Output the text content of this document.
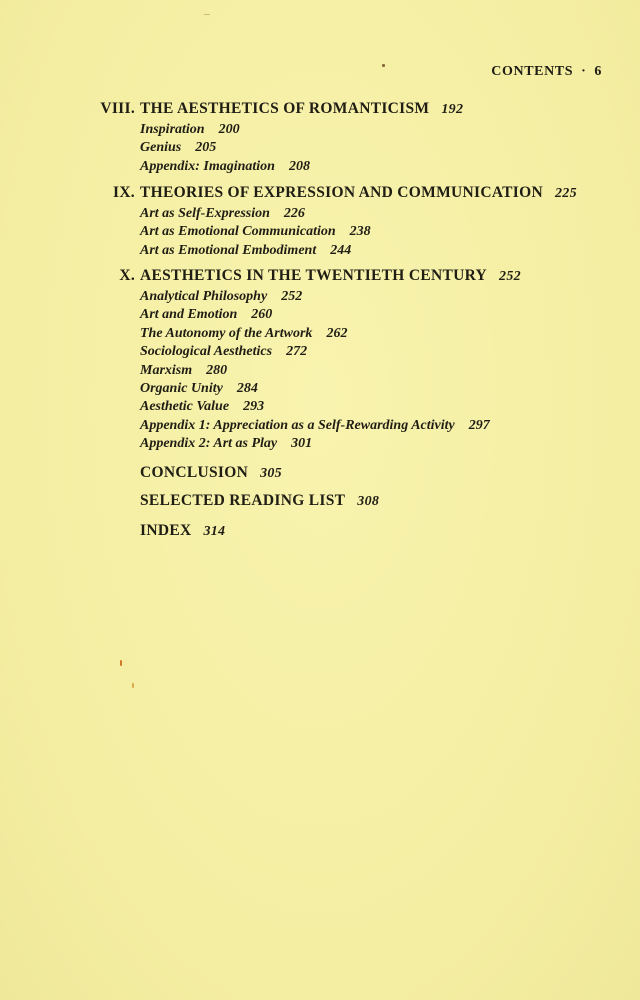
CONTENTS · 6
VIII. THE AESTHETICS OF ROMANTICISM 192
Inspiration 200
Genius 205
Appendix: Imagination 208
IX. THEORIES OF EXPRESSION AND COMMUNICATION 225
Art as Self-Expression 226
Art as Emotional Communication 238
Art as Emotional Embodiment 244
X. AESTHETICS IN THE TWENTIETH CENTURY 252
Analytical Philosophy 252
Art and Emotion 260
The Autonomy of the Artwork 262
Sociological Aesthetics 272
Marxism 280
Organic Unity 284
Aesthetic Value 293
Appendix 1: Appreciation as a Self-Rewarding Activity 297
Appendix 2: Art as Play 301
CONCLUSION 305
SELECTED READING LIST 308
INDEX 314
